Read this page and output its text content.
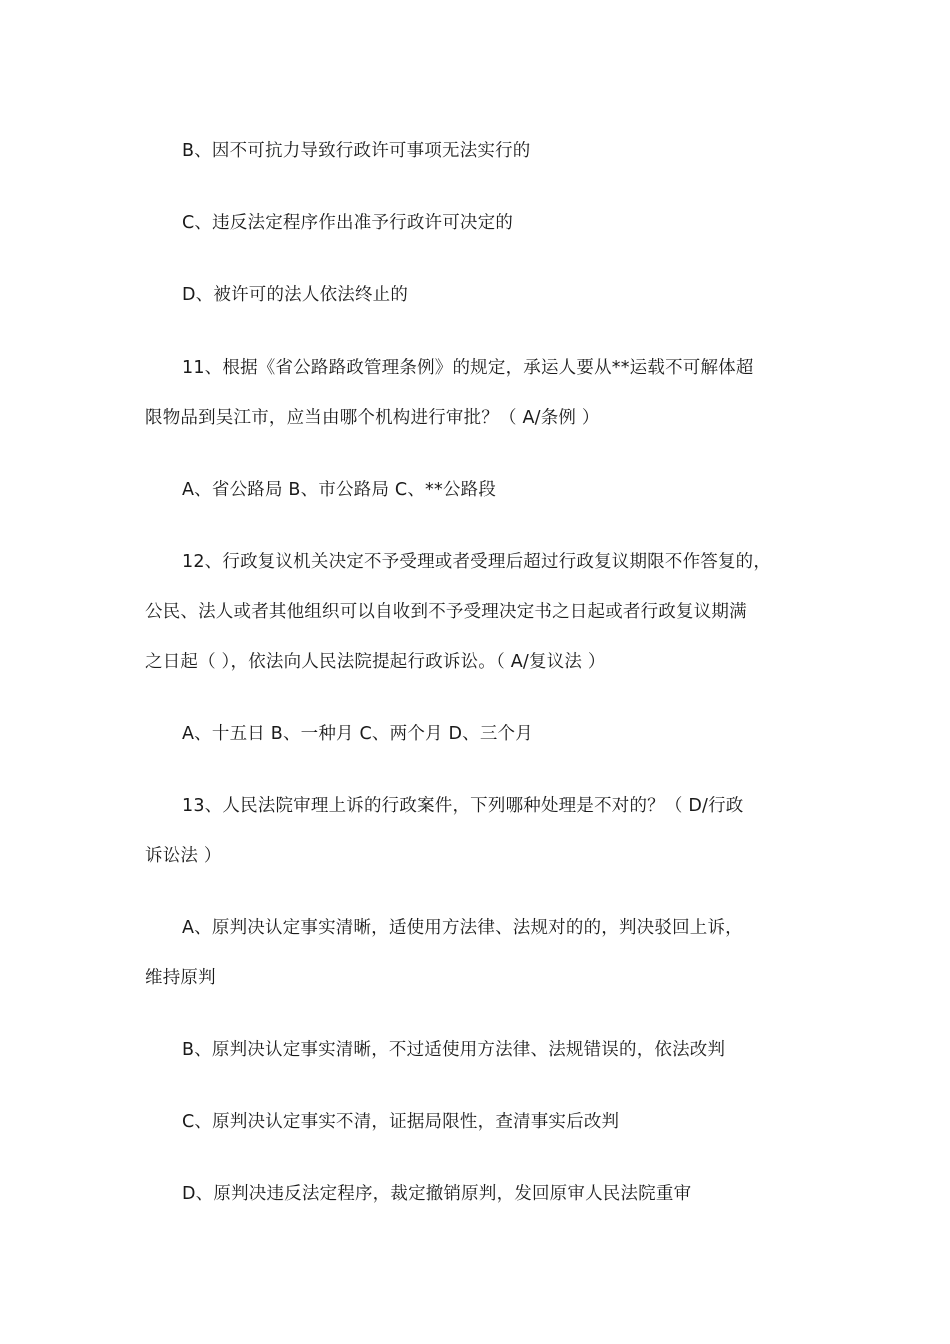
B、因不可抗力导致行政许可事项无法实行的
C、违反法定程序作出准予行政许可决定的
D、被许可的法人依法终止的
11、根据《省公路路政管理条例》的规定，承运人要从**运载不可解体超
限物品到吴江市，应当由哪个机构进行审批？（ A/条例 ）
A、省公路局 B、市公路局 C、**公路段
12、行政复议机关决定不予受理或者受理后超过行政复议期限不作答复的，
公民、法人或者其他组织可以自收到不予受理决定书之日起或者行政复议期满
之日起（ ），依法向人民法院提起行政诉讼。（ A/复议法 ）
A、十五日 B、一种月 C、两个月 D、三个月
13、人民法院审理上诉的行政案件，下列哪种处理是不对的？（ D/行政
诉讼法 ）
A、原判决认定事实清晰，适使用方法律、法规对的的，判决驳回上诉，
维持原判
B、原判决认定事实清晰，不过适使用方法律、法规错误的，依法改判
C、原判决认定事实不清，证据局限性，查清事实后改判
D、原判决违反法定程序，裁定撤销原判，发回原审人民法院重审
